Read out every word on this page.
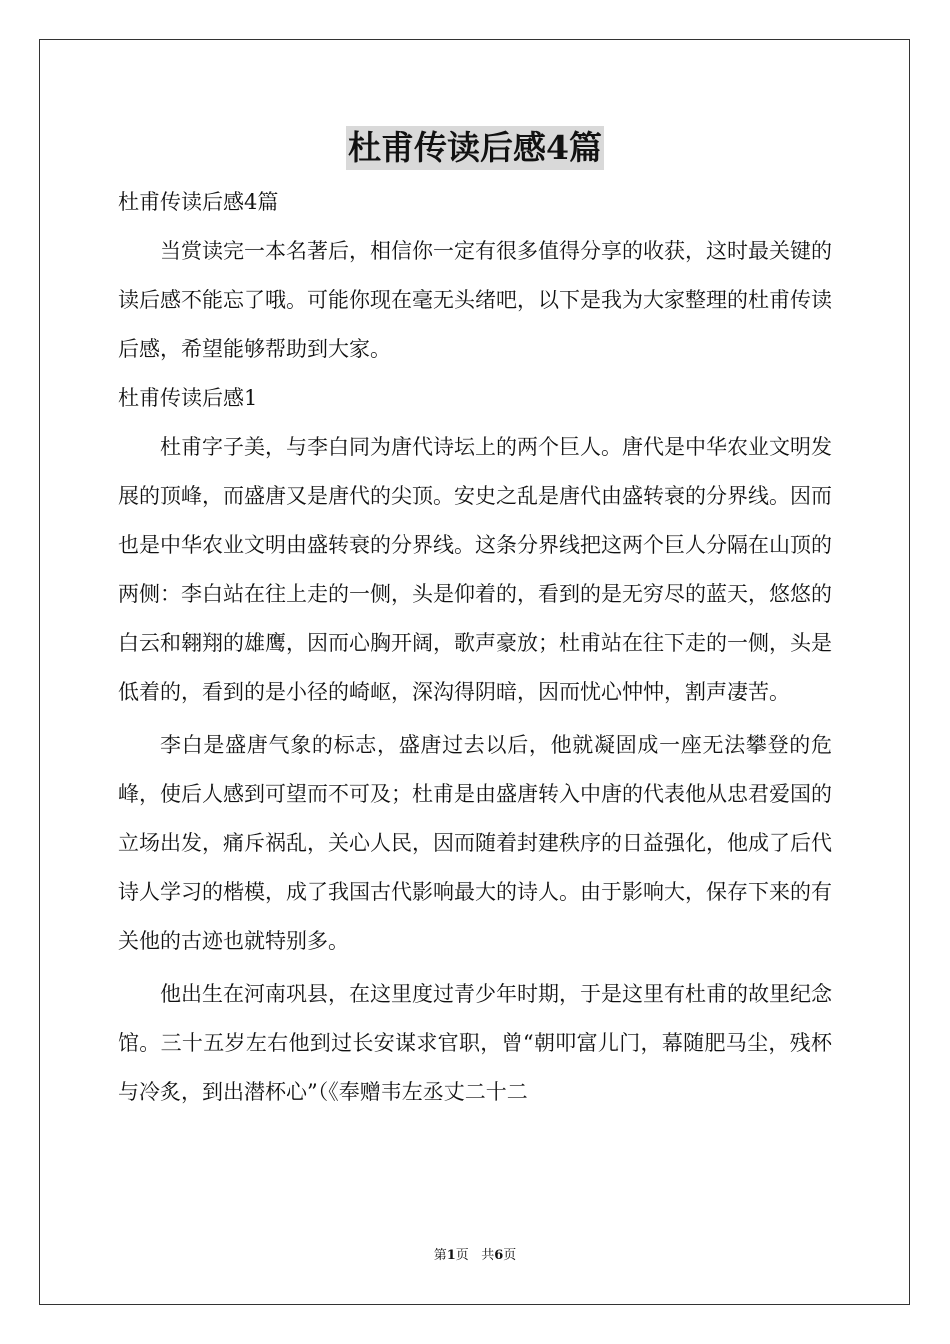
杜甫传读后感4篇

杜甫传读后感4篇

当赏读完一本名著后，相信你一定有很多值得分享的收获，这时最关键的读后感不能忘了哦。可能你现在毫无头绪吧，以下是我为大家整理的杜甫传读后感，希望能够帮助到大家。

杜甫传读后感1

杜甫字子美，与李白同为唐代诗坛上的两个巨人。唐代是中华农业文明发展的顶峰，而盛唐又是唐代的尖顶。安史之乱是唐代由盛转衰的分界线。因而也是中华农业文明由盛转衰的分界线。这条分界线把这两个巨人分隔在山顶的两侧：李白站在往上走的一侧，头是仰着的，看到的是无穷尽的蓝天，悠悠的白云和翱翔的雄鹰，因而心胸开阔，歌声豪放；杜甫站在往下走的一侧，头是低着的，看到的是小径的崎岖，深沟得阴暗，因而忧心忡忡，割声凄苦。

李白是盛唐气象的标志，盛唐过去以后，他就凝固成一座无法攀登的危峰，使后人感到可望而不可及；杜甫是由盛唐转入中唐的代表他从忠君爱国的立场出发，痛斥祸乱，关心人民，因而随着封建秩序的日益强化，他成了后代诗人学习的楷模，成了我国古代影响最大的诗人。由于影响大，保存下来的有关他的古迹也就特别多。

他出生在河南巩县，在这里度过青少年时期，于是这里有杜甫的故里纪念馆。三十五岁左右他到过长安谋求官职，曾“朝叩富儿门，幕随肥马尘，残杯与冷炙，到出潜杯心”（《奉赠韦左丞丈二十二

第1页 共6页
